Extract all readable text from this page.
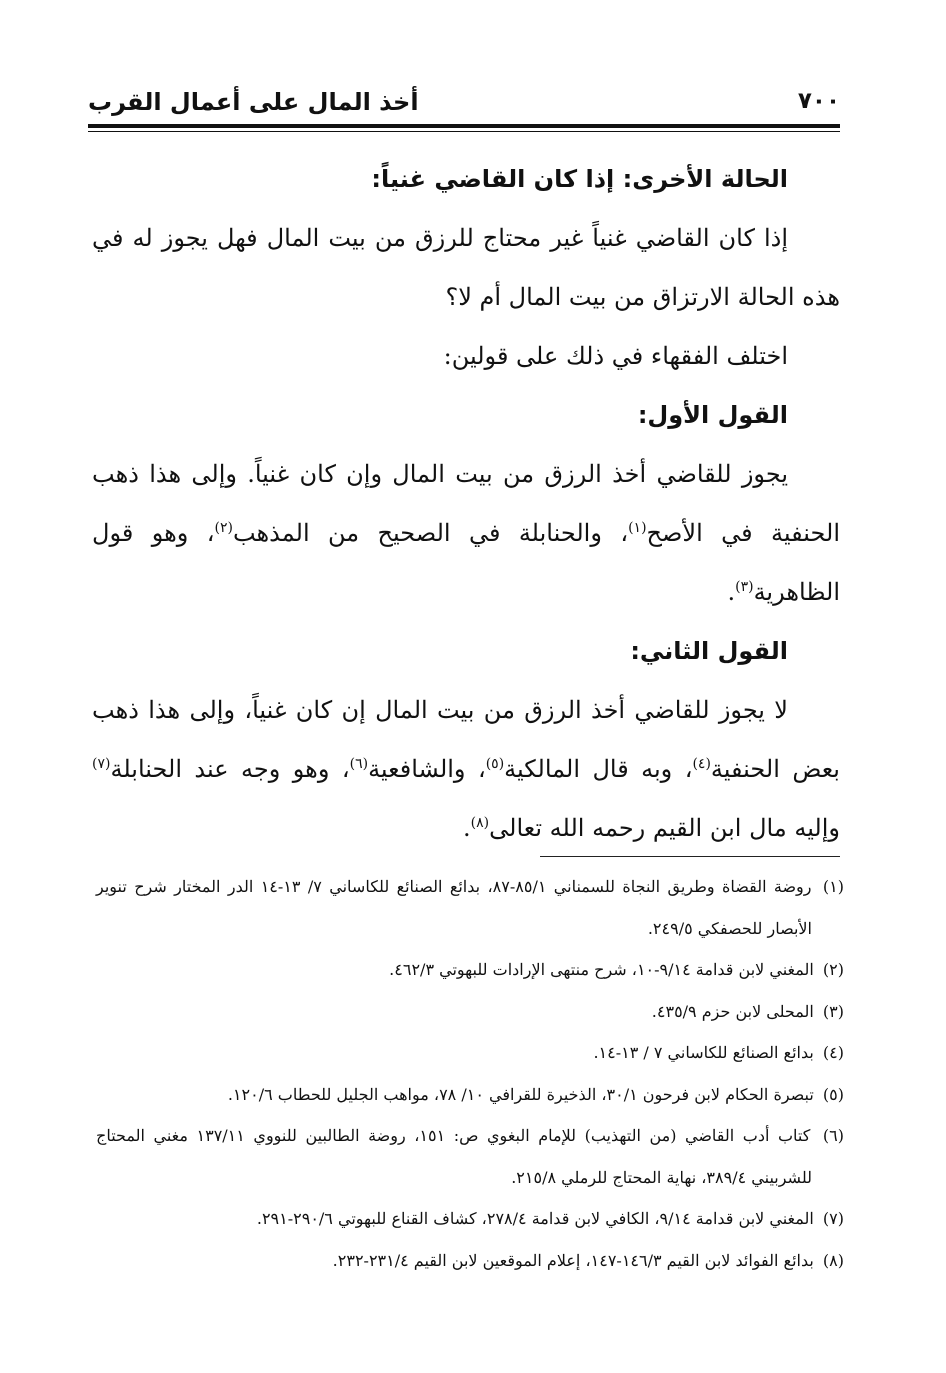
٧٠٠
أخذ المال على أعمال القرب

الحالة الأخرى: إذا كان القاضي غنياً:

إذا كان القاضي غنياً غير محتاج للرزق من بيت المال فهل يجوز له في هذه الحالة الارتزاق من بيت المال أم لا؟

اختلف الفقهاء في ذلك على قولين:

القول الأول:

يجوز للقاضي أخذ الرزق من بيت المال وإن كان غنياً. وإلى هذا ذهب الحنفية في الأصح$^{(١)}$، والحنابلة في الصحيح من المذهب$^{(٢)}$، وهو قول الظاهرية$^{(٣)}$.

القول الثاني:

لا يجوز للقاضي أخذ الرزق من بيت المال إن كان غنياً، وإلى هذا ذهب بعض الحنفية$^{(٤)}$، وبه قال المالكية$^{(٥)}$، والشافعية$^{(٦)}$، وهو وجه عند الحنابلة$^{(٧)}$ وإليه مال ابن القيم رحمه الله تعالى$^{(٨)}$.

(١) روضة القضاة وطريق النجاة للسمناني ٨٥/١-٨٧، بدائع الصنائع للكاساني ٧/ ١٣-١٤ الدر المختار شرح تنوير الأبصار للحصفكي ٢٤٩/٥.

(٢) المغني لابن قدامة ٩/١٤-١٠، شرح منتهى الإرادات للبهوتي ٤٦٢/٣.

(٣) المحلى لابن حزم ٤٣٥/٩.

(٤) بدائع الصنائع للكاساني ٧ / ١٣-١٤.

(٥) تبصرة الحكام لابن فرحون ٣٠/١، الذخيرة للقرافي ١٠/ ٧٨، مواهب الجليل للحطاب ١٢٠/٦.

(٦) كتاب أدب القاضي (من التهذيب) للإمام البغوي ص: ١٥١، روضة الطالبين للنووي ١٣٧/١١ مغني المحتاج للشربيني ٣٨٩/٤، نهاية المحتاج للرملي ٢١٥/٨.

(٧) المغني لابن قدامة ٩/١٤، الكافي لابن قدامة ٢٧٨/٤، كشاف القناع للبهوتي ٢٩٠/٦-٢٩١.

(٨) بدائع الفوائد لابن القيم ١٤٦/٣-١٤٧، إعلام الموقعين لابن القيم ٢٣١/٤-٢٣٢.
